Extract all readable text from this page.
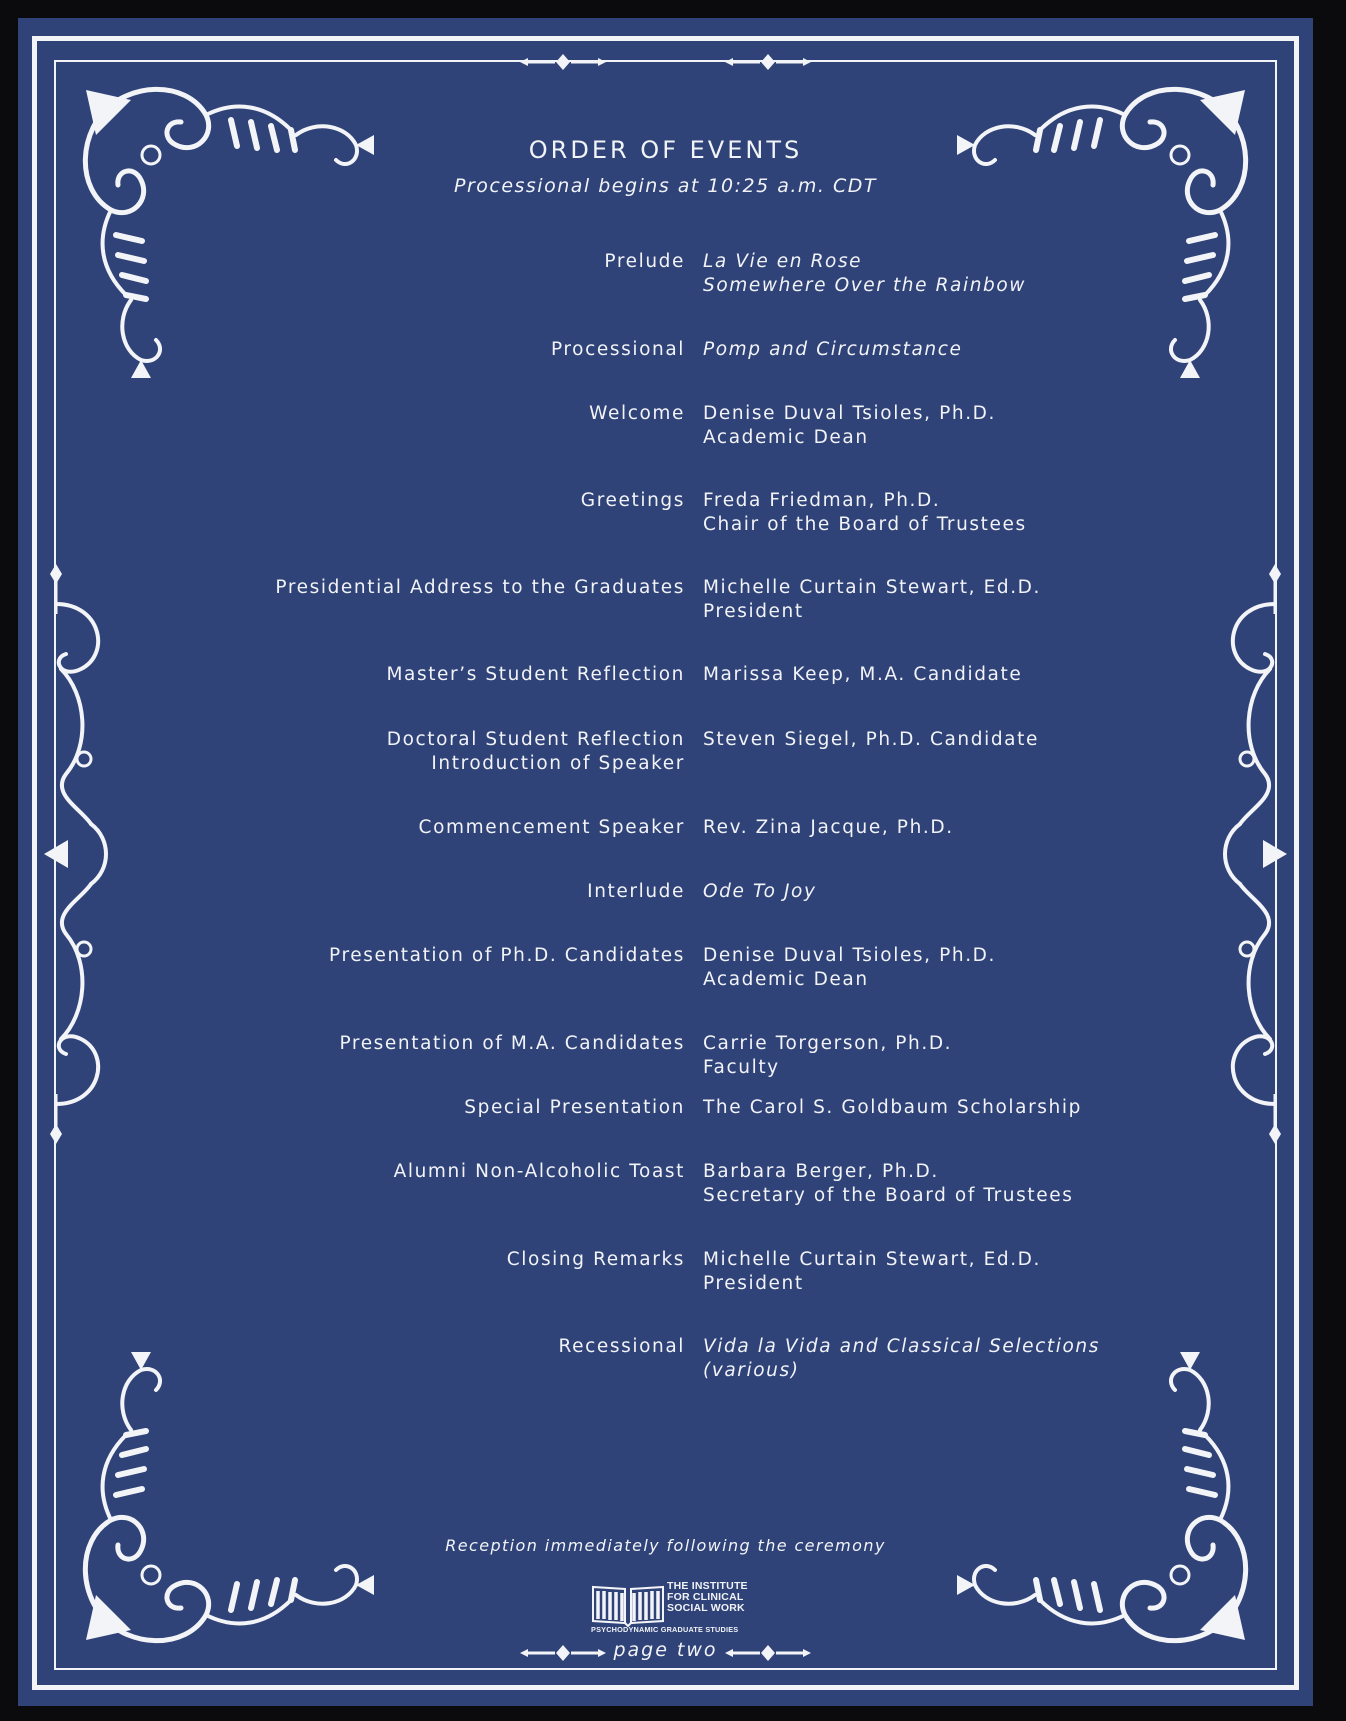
ORDER OF EVENTS
Processional begins at 10:25 a.m. CDT
Prelude La Vie en Rose
Somewhere Over the Rainbow
Processional Pomp and Circumstance
Welcome Denise Duval Tsioles, Ph.D.
Academic Dean
Greetings Freda Friedman, Ph.D.
Chair of the Board of Trustees
Presidential Address to the Graduates Michelle Curtain Stewart, Ed.D.
President
Master’s Student Reflection Marissa Keep, M.A. Candidate
Doctoral Student Reflection
Introduction of Speaker
Steven Siegel, Ph.D. Candidate
Commencement Speaker Rev. Zina Jacque, Ph.D.
Interlude Ode To Joy
Presentation of Ph.D. Candidates Denise Duval Tsioles, Ph.D.
Academic Dean
Presentation of M.A. Candidates Carrie Torgerson, Ph.D.
Faculty
Special Presentation The Carol S. Goldbaum Scholarship
Alumni Non-Alcoholic Toast Barbara Berger, Ph.D.
Secretary of the Board of Trustees
Closing Remarks Michelle Curtain Stewart, Ed.D.
President
Recessional Vida la Vida and Classical Selections
(various)
Reception immediately following the ceremony
THE INSTITUTE
FOR CLINICAL
SOCIAL WORK
PSYCHODYNAMIC GRADUATE STUDIES
page two
